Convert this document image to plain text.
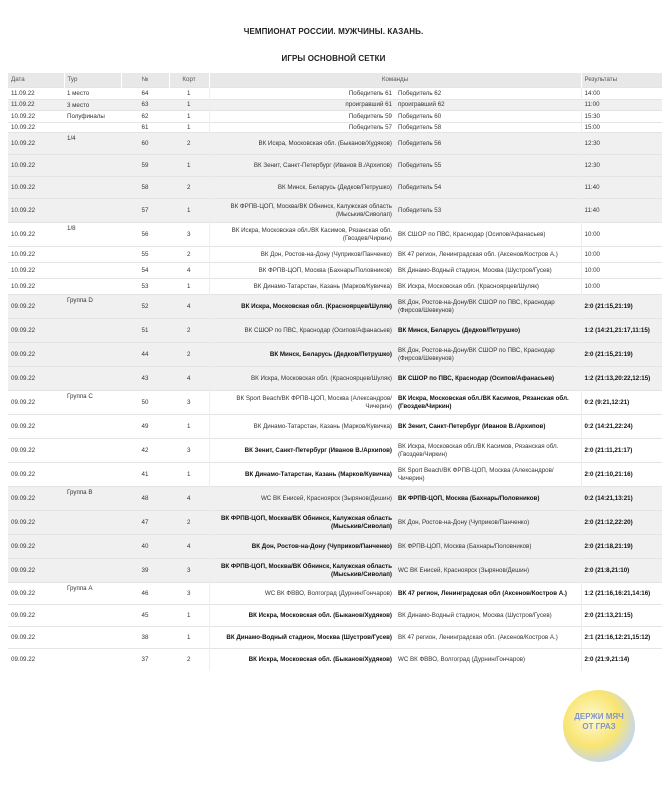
ЧЕМПИОНАТ РОССИИ. МУЖЧИНЫ. КАЗАНЬ.
ИГРЫ ОСНОВНОЙ СЕТКИ
Дата	Тур	№	Корт	Команды		Результаты
11.09.22	1 место	64	1	Победитель 61	Победитель 62	14:00
11.09.22	3 место	63	1	проигравший 61	проигравший 62	11:00
10.09.22	Полуфиналы	62	1	Победитель 59	Победитель 60	15:30
10.09.22		61	1	Победитель 57	Победитель 58	15:00
10.09.22	1/4	60	2	ВК Искра, Московская обл. (Быканов/Худяков)	Победитель 56	12:30
10.09.22		59	1	ВК Зенит, Санкт-Петербург (Иванов В./Архипов)	Победитель 55	12:30
10.09.22		58	2	ВК Минск, Беларусь (Дедков/Петрушко)	Победитель 54	11:40
10.09.22		57	1	ВК ФРПВ-ЦОП, Москва/ВК Обнинск, Калужская область (Мыськив/Сиволап)	Победитель 53	11:40
10.09.22	1/8	56	3	ВК Искра, Московская обл./ВК Касимов, Рязанская обл. (Гвоздев/Чиркин)	ВК СШОР по ПВС, Краснодар (Осипов/Афанасьев)	10:00
10.09.22		55	2	ВК Дон, Ростов-на-Дону (Чуприков/Панченко)	ВК 47 регион, Ленинградская обл. (Аксенов/Костров А.)	10:00
10.09.22		54	4	ВК ФРПВ-ЦОП, Москва (Бахнарь/Половников)	ВК Динамо-Водный стадион, Москва (Шустров/Гусев)	10:00
10.09.22		53	1	ВК Динамо-Татарстан, Казань (Марков/Кувичка)	ВК Искра, Московская обл. (Красноярцев/Шуляк)	10:00
09.09.22	Группа D	52	4	ВК Искра, Московская обл. (Красноярцев/Шуляк)	ВК Дон, Ростов-на-Дону/ВК СШОР по ПВС, Краснодар (Фирсов/Шевкунов)	2:0 (21:15,21:19)
09.09.22		51	2	ВК СШОР по ПВС, Краснодар (Осипов/Афанасьев)	ВК Минск, Беларусь (Дедков/Петрушко)	1:2 (14:21,21:17,11:15)
09.09.22		44	2	ВК Минск, Беларусь (Дедков/Петрушко)	ВК Дон, Ростов-на-Дону/ВК СШОР по ПВС, Краснодар (Фирсов/Шевкунов)	2:0 (21:15,21:19)
09.09.22		43	4	ВК Искра, Московская обл. (Красноярцев/Шуляк)	ВК СШОР по ПВС, Краснодар (Осипов/Афанасьев)	1:2 (21:13,20:22,12:15)
09.09.22	Группа C	50	3	ВК Sport Beach/ВК ФРПВ-ЦОП, Москва (Александров/Чичерин)	ВК Искра, Московская обл./ВК Касимов, Рязанская обл. (Гвоздев/Чиркин)	0:2 (9:21,12:21)
09.09.22		49	1	ВК Динамо-Татарстан, Казань (Марков/Кувичка)	ВК Зенит, Санкт-Петербург (Иванов В./Архипов)	0:2 (14:21,22:24)
09.09.22		42	3	ВК Зенит, Санкт-Петербург (Иванов В./Архипов)	ВК Искра, Московская обл./ВК Касимов, Рязанская обл. (Гвоздев/Чиркин)	2:0 (21:11,21:17)
09.09.22		41	1	ВК Динамо-Татарстан, Казань (Марков/Кувичка)	ВК Sport Beach/ВК ФРПВ-ЦОП, Москва (Александров/Чичерин)	2:0 (21:10,21:16)
09.09.22	Группа B	48	4	WC ВК Енисей, Красноярск (Зырянов/Дешин)	ВК ФРПВ-ЦОП, Москва (Бахнарь/Половников)	0:2 (14:21,13:21)
09.09.22		47	2	ВК ФРПВ-ЦОП, Москва/ВК Обнинск, Калужская область (Мыськив/Сиволап)	ВК Дон, Ростов-на-Дону (Чуприков/Панченко)	2:0 (21:12,22:20)
09.09.22		40	4	ВК Дон, Ростов-на-Дону (Чуприков/Панченко)	ВК ФРПВ-ЦОП, Москва (Бахнарь/Половников)	2:0 (21:18,21:19)
09.09.22		39	3	ВК ФРПВ-ЦОП, Москва/ВК Обнинск, Калужская область (Мыськив/Сиволап)	WC ВК Енисей, Красноярск (Зырянов/Дешин)	2:0 (21:8,21:10)
09.09.22	Группа A	46	3	WC ВК ФВВО, Волгоград (Дурнин/Гончаров)	ВК 47 регион, Ленинградская обл (Аксенов/Костров А.)	1:2 (21:16,16:21,14:16)
09.09.22		45	1	ВК Искра, Московская обл. (Быканов/Худяков)	ВК Динамо-Водный стадион, Москва (Шустров/Гусев)	2:0 (21:13,21:15)
09.09.22		38	1	ВК Динамо-Водный стадион, Москва (Шустров/Гусев)	ВК 47 регион, Ленинградская обл. (Аксенов/Костров А.)	2:1 (21:16,12:21,15:12)
09.09.22		37	2	ВК Искра, Московская обл. (Быканов/Худяков)	WC ВК ФВВО, Волгоград (Дурнин/Гончаров)	2:0 (21:9,21:14)
ДЕРЖИ МЯЧ
ОТ ГРАЗ
